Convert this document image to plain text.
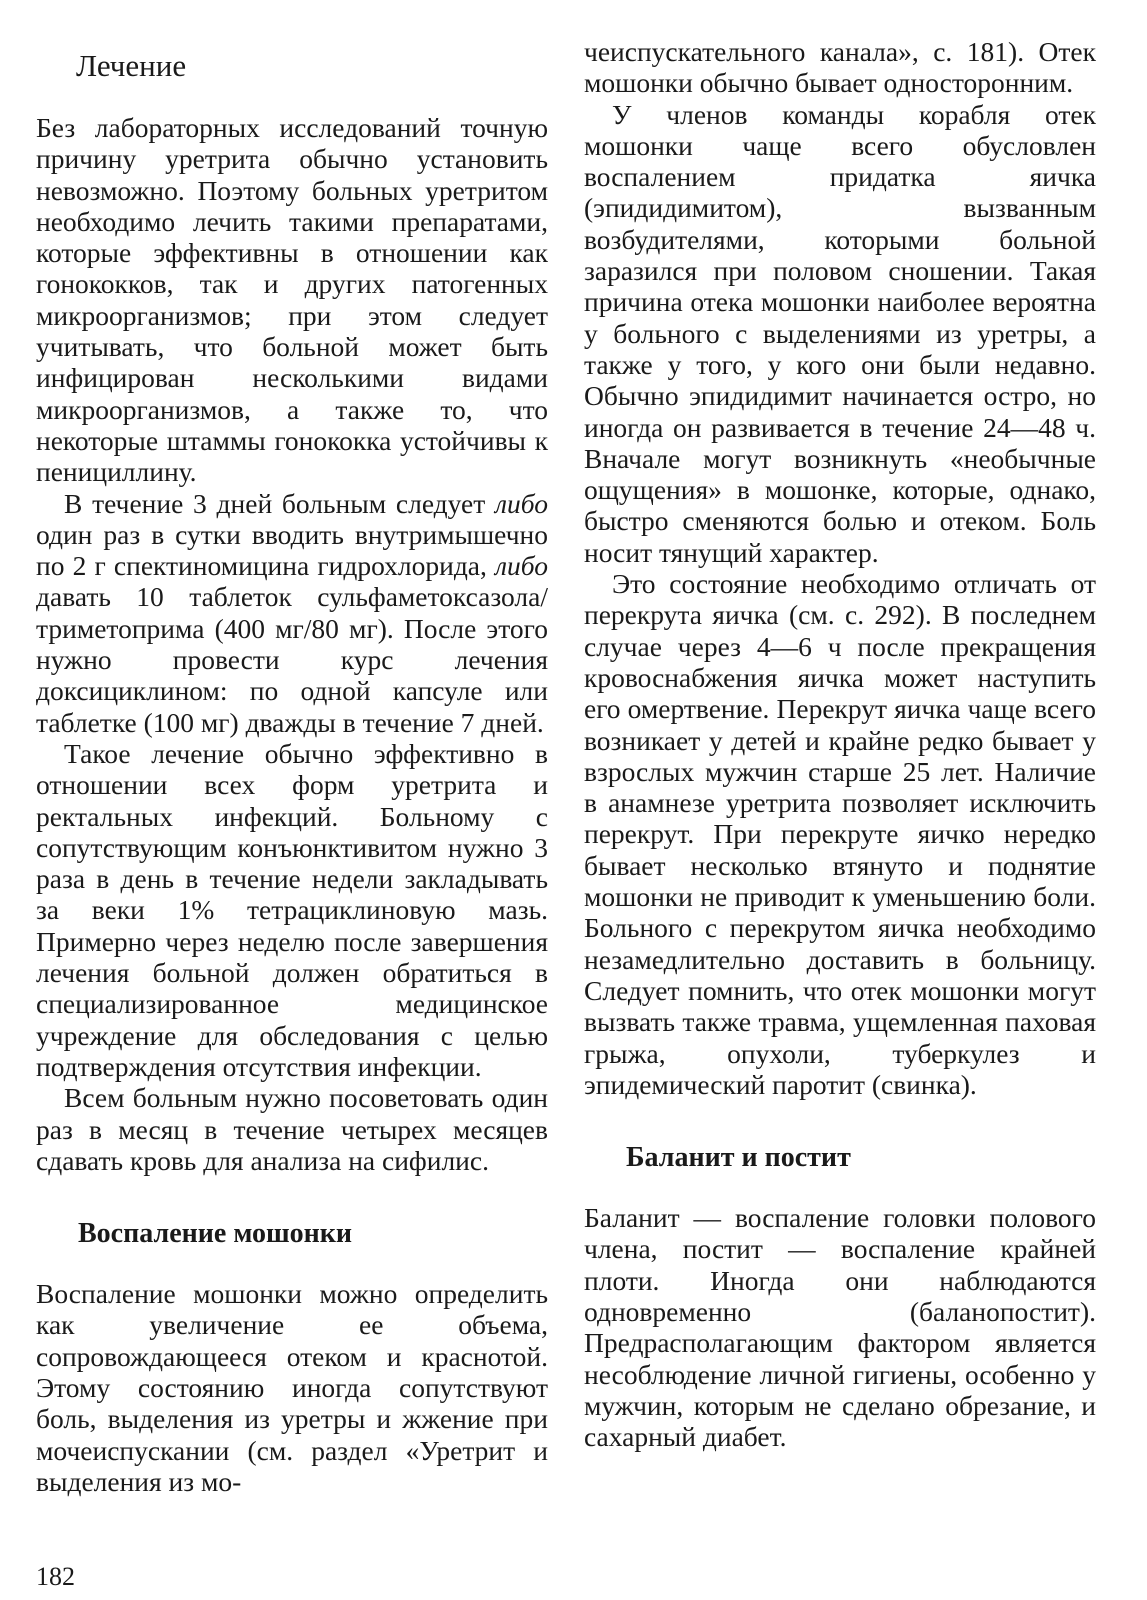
Лечение

Без лабораторных исследований точную причину уретрита обычно установить невозможно. Поэтому больных уретритом необходимо лечить такими препаратами, которые эффективны в отношении как гонококков, так и других патогенных микроорганизмов; при этом следует учитывать, что больной может быть инфицирован несколькими видами микроорганизмов, а также то, что некоторые штаммы гонококка устойчивы к пенициллину.

В течение 3 дней больным следует либо один раз в сутки вводить внутримышечно по 2 г спектиномицина гидрохлорида, либо давать 10 таблеток сульфаметоксазола/триметоприма (400 мг/80 мг). После этого нужно провести курс лечения доксициклином: по одной капсуле или таблетке (100 мг) дважды в течение 7 дней.

Такое лечение обычно эффективно в отношении всех форм уретрита и ректальных инфекций. Больному с сопутствующим конъюнктивитом нужно 3 раза в день в течение недели закладывать за веки 1% тетрациклиновую мазь. Примерно через неделю после завершения лечения больной должен обратиться в специализированное медицинское учреждение для обследования с целью подтверждения отсутствия инфекции.

Всем больным нужно посоветовать один раз в месяц в течение четырех месяцев сдавать кровь для анализа на сифилис.

Воспаление мошонки

Воспаление мошонки можно определить как увеличение ее объема, сопровождающееся отеком и краснотой. Этому состоянию иногда сопутствуют боль, выделения из уретры и жжение при мочеиспускании (см. раздел «Уретрит и выделения из мо-

чеиспускательного канала», с. 181). Отек мошонки обычно бывает односторонним.

У членов команды корабля отек мошонки чаще всего обусловлен воспалением придатка яичка (эпидидимитом), вызванным возбудителями, которыми больной заразился при половом сношении. Такая причина отека мошонки наиболее вероятна у больного с выделениями из уретры, а также у того, у кого они были недавно. Обычно эпидидимит начинается остро, но иногда он развивается в течение 24—48 ч. Вначале могут возникнуть «необычные ощущения» в мошонке, которые, однако, быстро сменяются болью и отеком. Боль носит тянущий характер.

Это состояние необходимо отличать от перекрута яичка (см. с. 292). В последнем случае через 4—6 ч после прекращения кровоснабжения яичка может наступить его омертвение. Перекрут яичка чаще всего возникает у детей и крайне редко бывает у взрослых мужчин старше 25 лет. Наличие в анамнезе уретрита позволяет исключить перекрут. При перекруте яичко нередко бывает несколько втянуто и поднятие мошонки не приводит к уменьшению боли. Больного с перекрутом яичка необходимо незамедлительно доставить в больницу. Следует помнить, что отек мошонки могут вызвать также травма, ущемленная паховая грыжа, опухоли, туберкулез и эпидемический паротит (свинка).

Баланит и постит

Баланит — воспаление головки полового члена, постит — воспаление крайней плоти. Иногда они наблюдаются одновременно (баланопостит). Предрасполагающим фактором является несоблюдение личной гигиены, особенно у мужчин, которым не сделано обрезание, и сахарный диабет.

182
